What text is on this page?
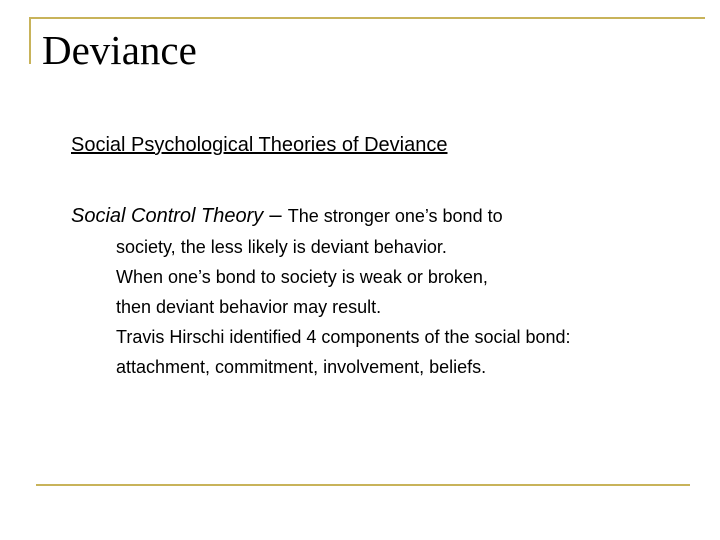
Deviance
Social Psychological Theories of Deviance
Social Control Theory – The stronger one’s bond to
society, the less likely is deviant behavior.
When one’s bond to society is weak or broken,
then deviant behavior may result.
Travis Hirschi identified 4 components of the social bond:
attachment, commitment, involvement, beliefs.
